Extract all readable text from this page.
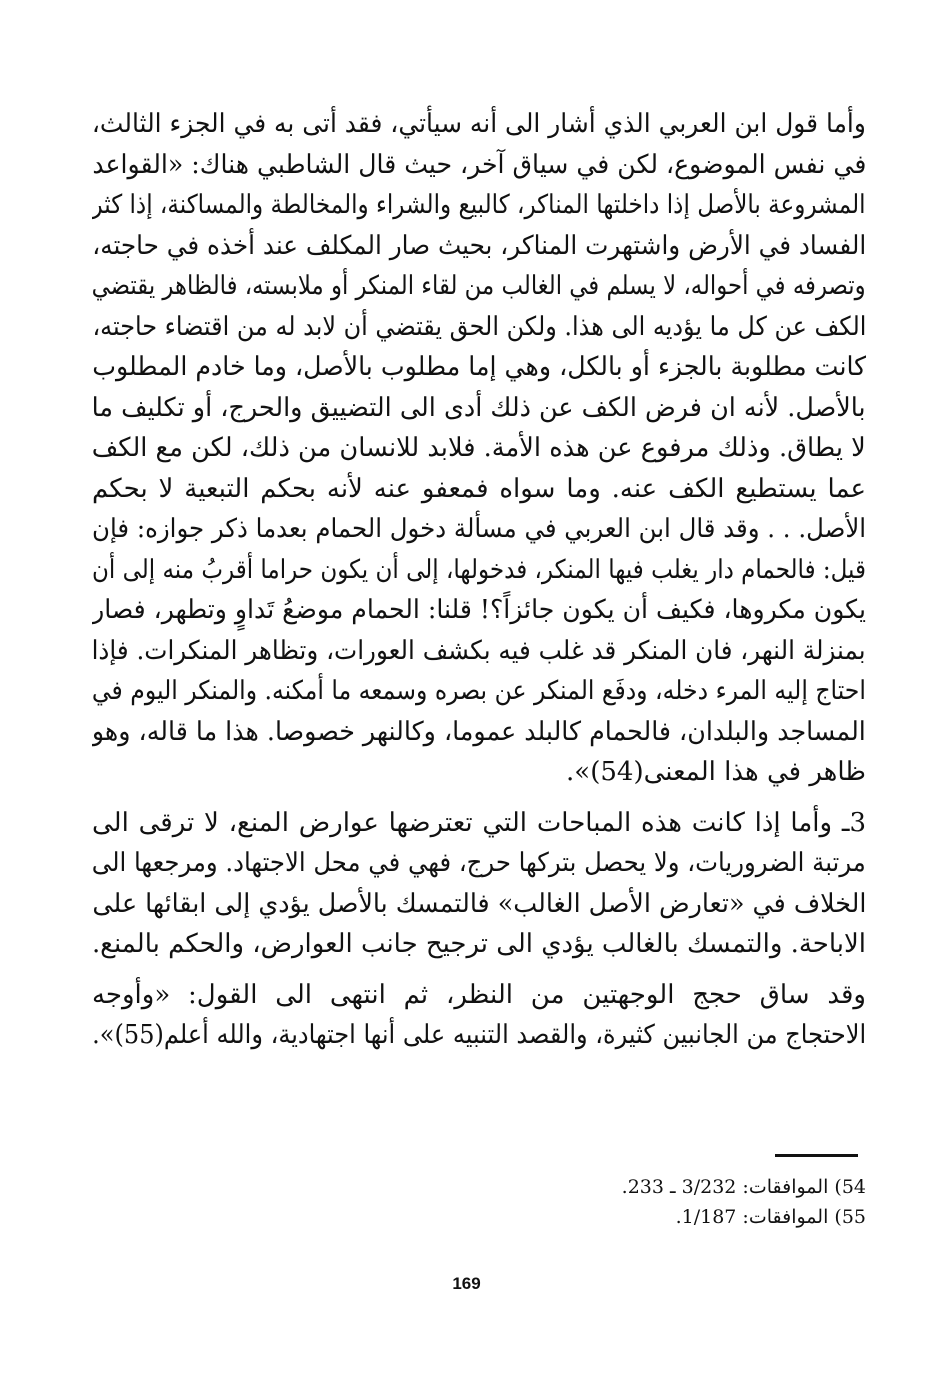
وأما قول ابن العربي الذي أشار الى أنه سيأتي، فقد أتى به في الجزء الثالث،
في نفس الموضوع، لكن في سياق آخر، حيث قال الشاطبي هناك: «القواعد
المشروعة بالأصل إذا داخلتها المناكر، كالبيع والشراء والمخالطة والمساكنة، إذا كثر
الفساد في الأرض واشتهرت المناكر، بحيث صار المكلف عند أخذه في حاجته،
وتصرفه في أحواله، لا يسلم في الغالب من لقاء المنكر أو ملابسته، فالظاهر يقتضي
الكف عن كل ما يؤديه الى هذا. ولكن الحق يقتضي أن لابد له من اقتضاء حاجته،
كانت مطلوبة بالجزء أو بالكل، وهي إما مطلوب بالأصل، وما خادم المطلوب
بالأصل. لأنه ان فرض الكف عن ذلك أدى الى التضييق والحرج، أو تكليف ما
لا يطاق. وذلك مرفوع عن هذه الأمة. فلابد للانسان من ذلك، لكن مع الكف
عما يستطيع الكف عنه. وما سواه فمعفو عنه لأنه بحكم التبعية لا بحكم
الأصل. . . وقد قال ابن العربي في مسألة دخول الحمام بعدما ذكر جوازه: فإن
قيل: فالحمام دار يغلب فيها المنكر، فدخولها، إلى أن يكون حراما أقربُ منه إلى أن
يكون مكروها، فكيف أن يكون جائزاً؟! قلنا: الحمام موضعُ تَداوٍ وتطهر، فصار
بمنزلة النهر، فان المنكر قد غلب فيه بكشف العورات، وتظاهر المنكرات. فإذا
احتاج إليه المرء دخله، ودفَع المنكر عن بصره وسمعه ما أمكنه. والمنكر اليوم في
المساجد والبلدان، فالحمام كالبلد عموما، وكالنهر خصوصا. هذا ما قاله، وهو
ظاهر في هذا المعنى(54)».

3ـ وأما إذا كانت هذه المباحات التي تعترضها عوارض المنع، لا ترقى الى
مرتبة الضروريات، ولا يحصل بتركها حرج، فهي في محل الاجتهاد. ومرجعها الى
الخلاف في «تعارض الأصل الغالب» فالتمسك بالأصل يؤدي إلى ابقائها على
الاباحة. والتمسك بالغالب يؤدي الى ترجيح جانب العوارض، والحكم بالمنع.

وقد ساق حجج الوجهتين من النظر، ثم انتهى الى القول: «وأوجه
الاحتجاج من الجانبين كثيرة، والقصد التنبيه على أنها اجتهادية، والله أعلم(55)».

54) الموافقات: 3/232 ـ 233.
55) الموافقات: 1/187.
169
